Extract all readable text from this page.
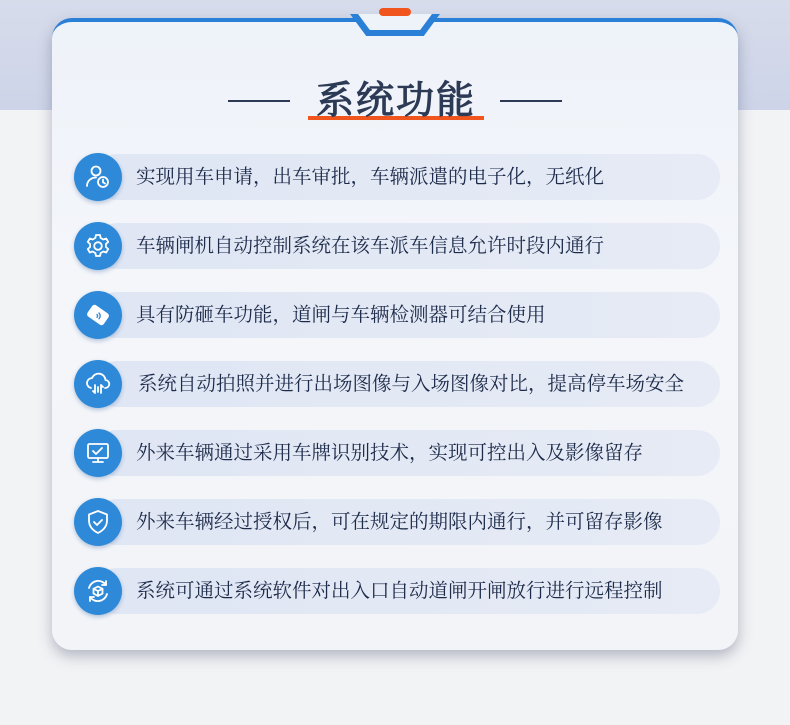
系统功能
实现用车申请，出车审批，车辆派遣的电子化，无纸化
车辆闸机自动控制系统在该车派车信息允许时段内通行
具有防砸车功能，道闸与车辆检测器可结合使用
系统自动拍照并进行出场图像与入场图像对比，提高停车场安全
外来车辆通过采用车牌识别技术，实现可控出入及影像留存
外来车辆经过授权后，可在规定的期限内通行，并可留存影像
系统可通过系统软件对出入口自动道闸开闸放行进行远程控制
